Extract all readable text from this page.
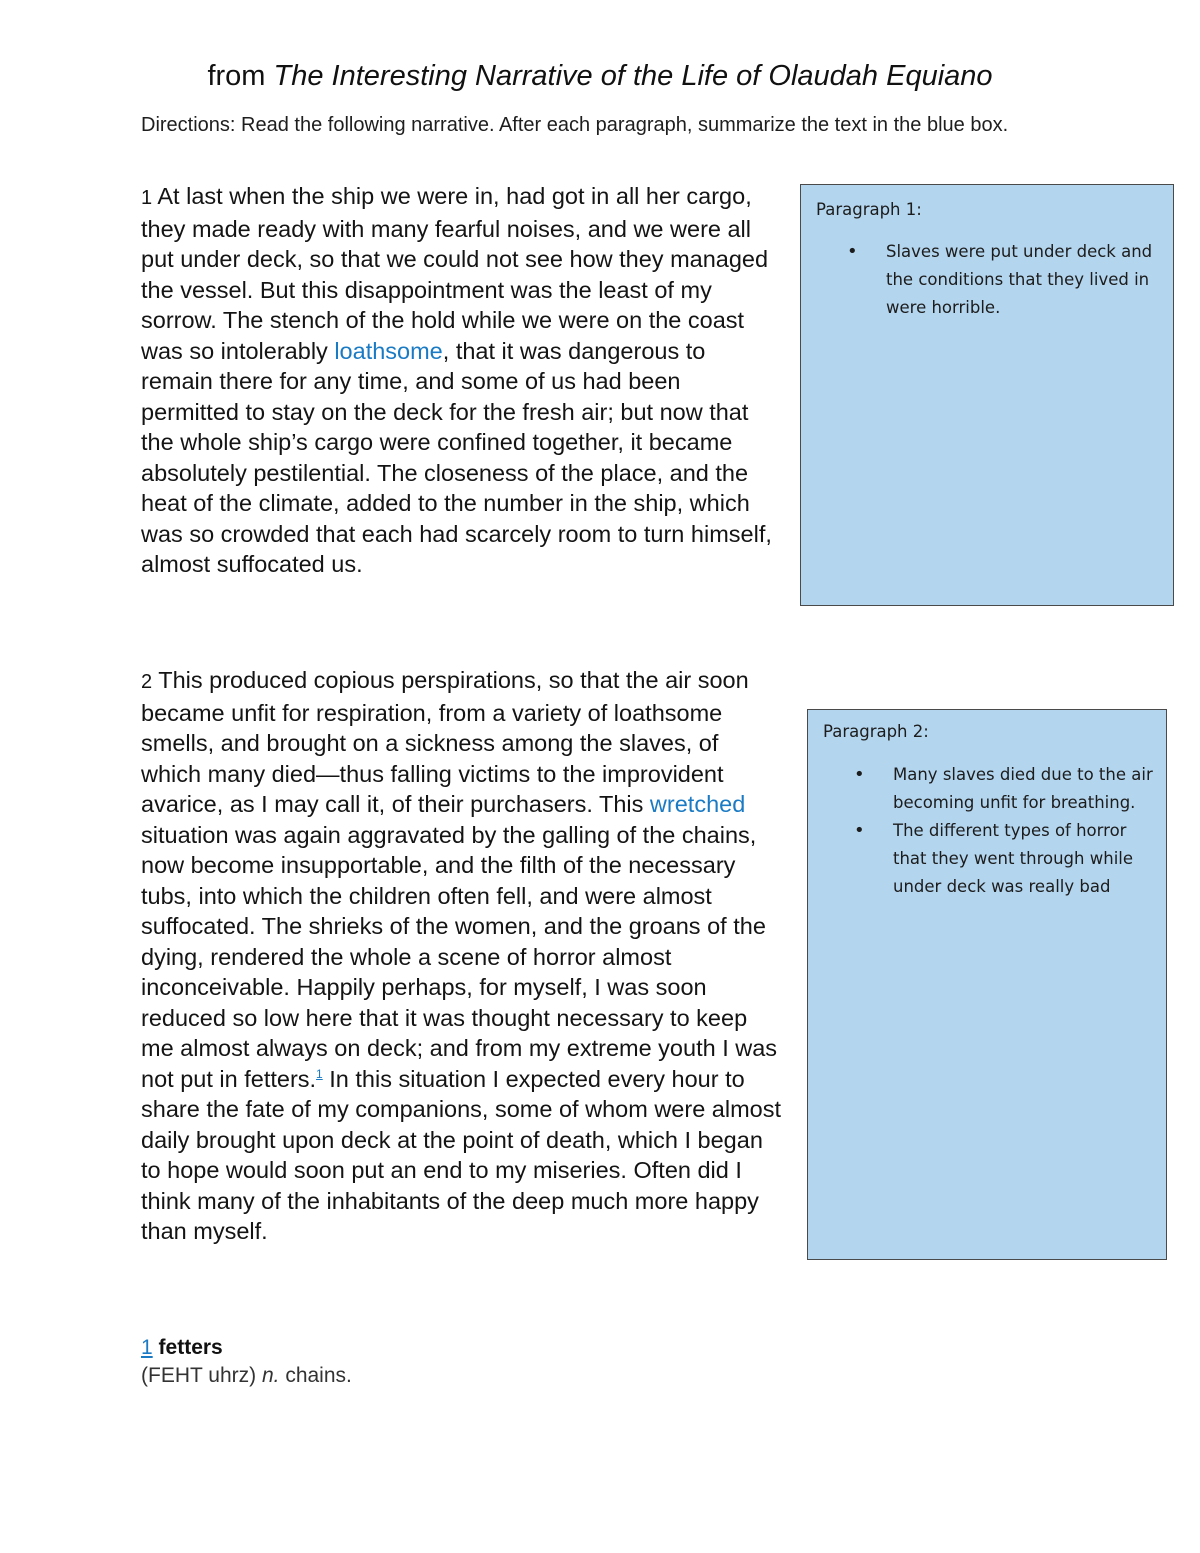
from The Interesting Narrative of the Life of Olaudah Equiano
Directions: Read the following narrative. After each paragraph, summarize the text in the blue box.
1 At last when the ship we were in, had got in all her cargo, they made ready with many fearful noises, and we were all put under deck, so that we could not see how they managed the vessel. But this disappointment was the least of my sorrow. The stench of the hold while we were on the coast was so intolerably loathsome, that it was dangerous to remain there for any time, and some of us had been permitted to stay on the deck for the fresh air; but now that the whole ship’s cargo were confined together, it became absolutely pestilential. The closeness of the place, and the heat of the climate, added to the number in the ship, which was so crowded that each had scarcely room to turn himself, almost suffocated us.
2 This produced copious perspirations, so that the air soon became unfit for respiration, from a variety of loathsome smells, and brought on a sickness among the slaves, of which many died—thus falling victims to the improvident avarice, as I may call it, of their purchasers. This wretched situation was again aggravated by the galling of the chains, now become insupportable, and the filth of the necessary tubs, into which the children often fell, and were almost suffocated. The shrieks of the women, and the groans of the dying, rendered the whole a scene of horror almost inconceivable. Happily perhaps, for myself, I was soon reduced so low here that it was thought necessary to keep me almost always on deck; and from my extreme youth I was not put in fetters.$^1$ In this situation I expected every hour to share the fate of my companions, some of whom were almost daily brought upon deck at the point of death, which I began to hope would soon put an end to my miseries. Often did I think many of the inhabitants of the deep much more happy than myself.
Paragraph 1:
• Slaves were put under deck and the conditions that they lived in were horrible.
Paragraph 2:
• Many slaves died due to the air becoming unfit for breathing.
• The different types of horror that they went through while under deck was really bad
1 fetters
(FEHT uhrz) n. chains.
